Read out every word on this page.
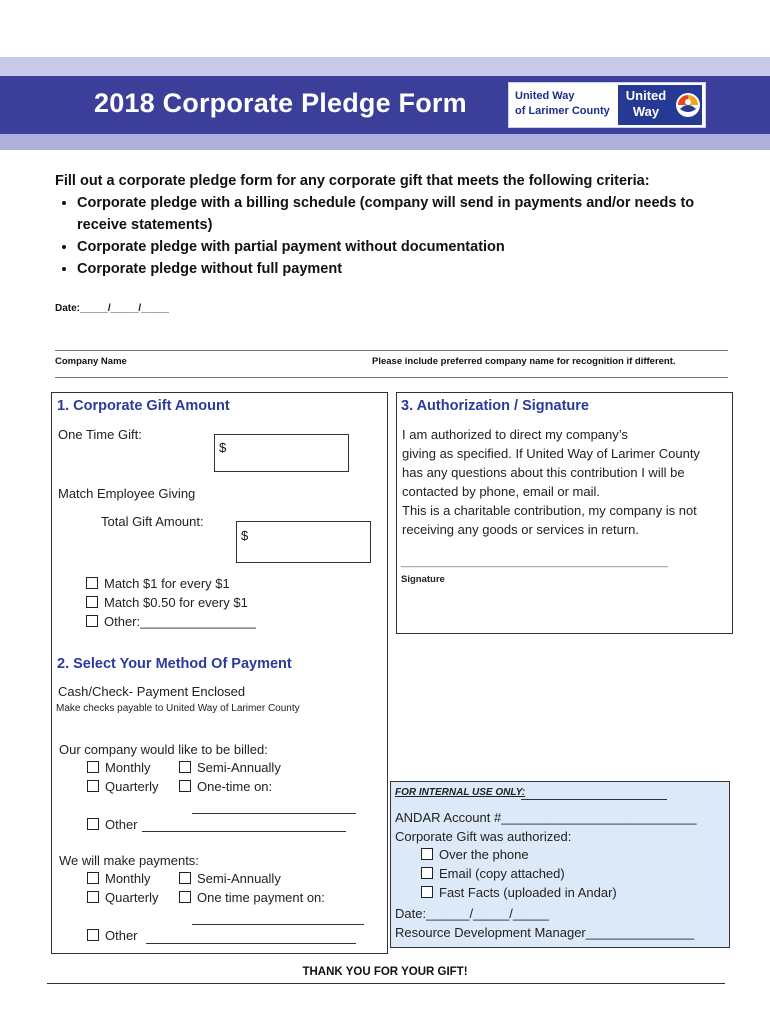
2018 Corporate Pledge Form	United Way
of Larimer County
United
Way
Fill out a corporate pledge form for any corporate gift that meets the following criteria:
• Corporate pledge with a billing schedule (company will send in payments and/or needs to receive statements)
• Corporate pledge with partial payment without documentation
• Corporate pledge without full payment
Date:_____/_____/_____
Company Name	Please include preferred company name for recognition if different.
1. Corporate Gift Amount
One Time Gift:
$
Match Employee Giving
Total Gift Amount:
$
Match $1 for every $1
Match $0.50 for every $1
Other:________________
2. Select Your Method Of Payment
Cash/Check- Payment Enclosed
Make checks payable to United Way of Larimer County
Our company would like to be billed:
Monthly	Semi-Annually
Quarterly	One-time on:
Other
We will make payments:
Monthly	Semi-Annually
Quarterly	One time payment on:
Other
3. Authorization / Signature
I am authorized to direct my company’s
giving as specified. If United Way of Larimer County
has any questions about this contribution I will be
contacted by phone, email or mail.
This is a charitable contribution, my company is not
receiving any goods or services in return.
________________________________________________
Signature
FOR INTERNAL USE ONLY:
ANDAR Account #___________________________
Corporate Gift was authorized:
Over the phone
Email (copy attached)
Fast Facts (uploaded in Andar)
Date:______/_____/_____
Resource Development Manager_______________
THANK YOU FOR YOUR GIFT!
